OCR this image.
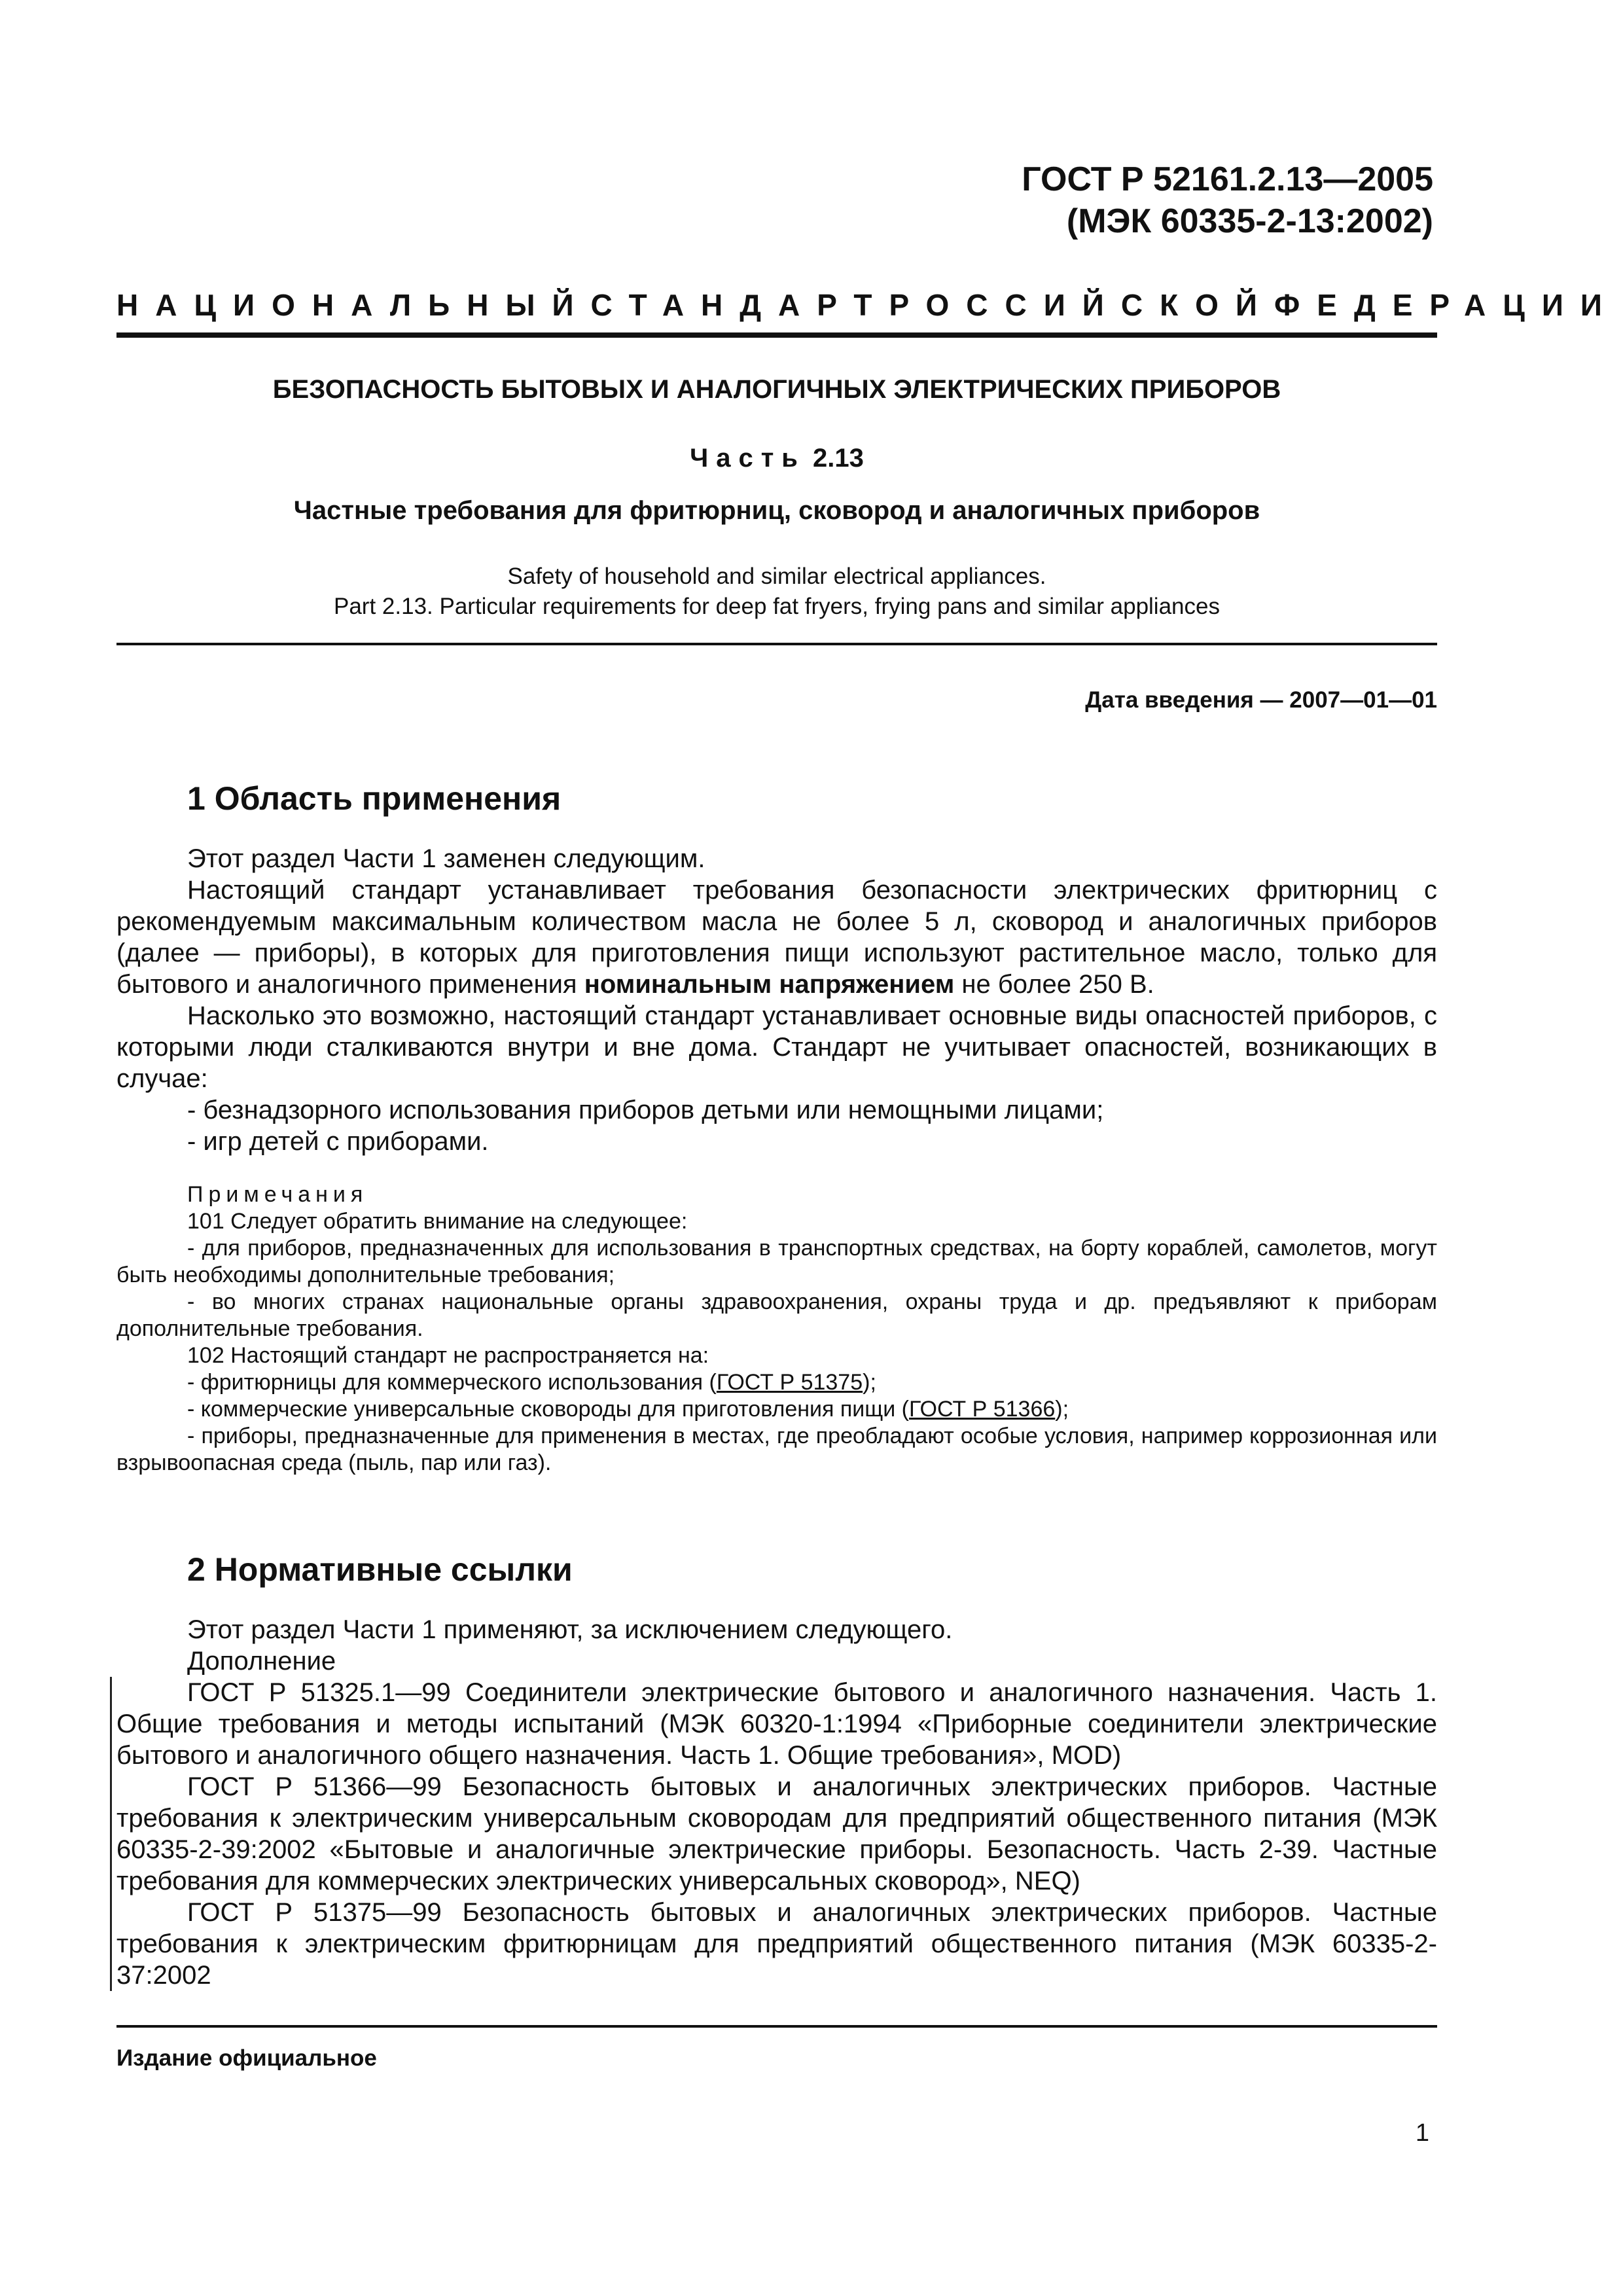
ГОСТ Р 52161.2.13—2005
(МЭК 60335-2-13:2002)
НАЦИОНАЛЬНЫЙ СТАНДАРТ РОССИЙСКОЙ ФЕДЕРАЦИИ
БЕЗОПАСНОСТЬ БЫТОВЫХ И АНАЛОГИЧНЫХ ЭЛЕКТРИЧЕСКИХ ПРИБОРОВ
Часть 2.13
Частные требования для фритюрниц, сковород и аналогичных приборов
Safety of household and similar electrical appliances.
Part 2.13. Particular requirements for deep fat fryers, frying pans and similar appliances
Дата введения — 2007—01—01
1 Область применения

Этот раздел Части 1 заменен следующим.

Настоящий стандарт устанавливает требования безопасности электрических фритюрниц с рекомендуемым максимальным количеством масла не более 5 л, сковород и аналогичных приборов (далее — приборы), в которых для приготовления пищи используют растительное масло, только для бытового и аналогичного применения номинальным напряжением не более 250 В.

Насколько это возможно, настоящий стандарт устанавливает основные виды опасностей приборов, с которыми люди сталкиваются внутри и вне дома. Стандарт не учитывает опасностей, возникающих в случае:

- безнадзорного использования приборов детьми или немощными лицами;

- игр детей с приборами.

Примечания

101 Следует обратить внимание на следующее:

- для приборов, предназначенных для использования в транспортных средствах, на борту кораблей, самолетов, могут быть необходимы дополнительные требования;

- во многих странах национальные органы здравоохранения, охраны труда и др. предъявляют к приборам дополнительные требования.

102 Настоящий стандарт не распространяется на:

- фритюрницы для коммерческого использования (ГОСТ Р 51375);

- коммерческие универсальные сковороды для приготовления пищи (ГОСТ Р 51366);

- приборы, предназначенные для применения в местах, где преобладают особые условия, например коррозионная или взрывоопасная среда (пыль, пар или газ).

2 Нормативные ссылки

Этот раздел Части 1 применяют, за исключением следующего.

Дополнение

ГОСТ Р 51325.1—99 Соединители электрические бытового и аналогичного назначения. Часть 1. Общие требования и методы испытаний (МЭК 60320-1:1994 «Приборные соединители электрические бытового и аналогичного общего назначения. Часть 1. Общие требования», MOD)

ГОСТ Р 51366—99 Безопасность бытовых и аналогичных электрических приборов. Частные требования к электрическим универсальным сковородам для предприятий общественного питания (МЭК 60335-2-39:2002 «Бытовые и аналогичные электрические приборы. Безопасность. Часть 2-39. Частные требования для коммерческих электрических универсальных сковород», NEQ)

ГОСТ Р 51375—99 Безопасность бытовых и аналогичных электрических приборов. Частные требования к электрическим фритюрницам для предприятий общественного питания (МЭК 60335-2-37:2002

Издание официальное
1
